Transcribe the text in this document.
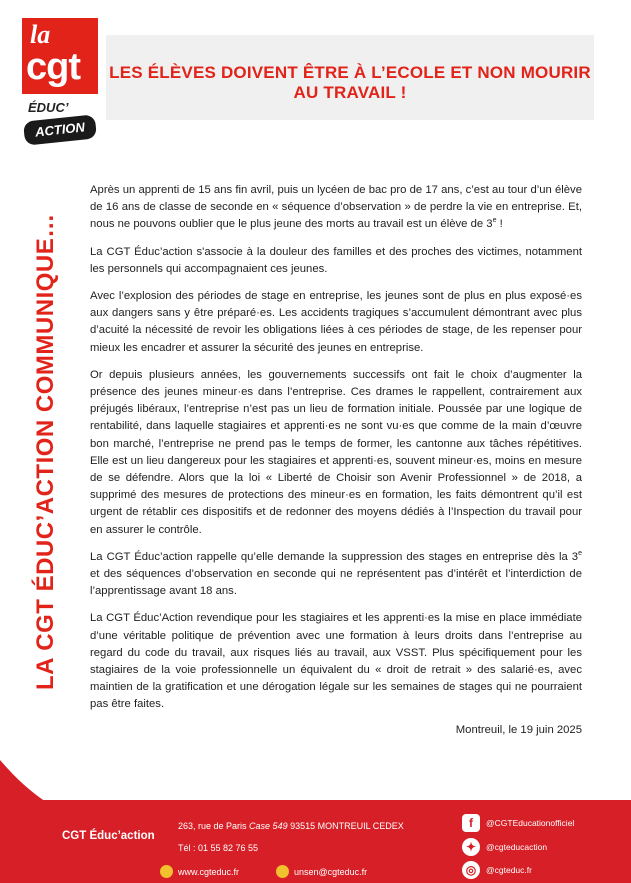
la
cgt
ÉDUC’
ACTION
LES ÉLÈVES DOIVENT ÊTRE À L’ECOLE ET NON MOURIR AU TRAVAIL !
LA CGT ÉDUC’ACTION COMMUNIQUE…

Après un apprenti de 15 ans fin avril, puis un lycéen de bac pro de 17 ans, c’est au tour d’un élève de 16 ans de classe de seconde en « séquence d’observation » de perdre la vie en entreprise. Et, nous ne pouvons oublier que le plus jeune des morts au travail est un élève de 3e !

La CGT Éduc’action s'associe à la douleur des familles et des proches des victimes, notamment les personnels qui accompagnaient ces jeunes.

Avec l’explosion des périodes de stage en entreprise, les jeunes sont de plus en plus exposé·es aux dangers sans y être préparé·es. Les accidents tragiques s’accumulent démontrant avec plus d’acuité la nécessité de revoir les obligations liées à ces périodes de stage, de les repenser pour mieux les encadrer et assurer la sécurité des jeunes en entreprise.

Or depuis plusieurs années, les gouvernements successifs ont fait le choix d’augmenter la présence des jeunes mineur·es dans l’entreprise. Ces drames le rappellent, contrairement aux préjugés libéraux, l’entreprise n’est pas un lieu de formation initiale. Poussée par une logique de rentabilité, dans laquelle stagiaires et apprenti·es ne sont vu·es que comme de la main d’œuvre bon marché, l’entreprise ne prend pas le temps de former, les cantonne aux tâches répétitives. Elle est un lieu dangereux pour les stagiaires et apprenti·es, souvent mineur·es, moins en mesure de se défendre. Alors que la loi « Liberté de Choisir son Avenir Professionnel » de 2018, a supprimé des mesures de protections des mineur·es en formation, les faits démontrent qu’il est urgent de rétablir ces dispositifs et de redonner des moyens dédiés à l’Inspection du travail pour en assurer le contrôle.

La CGT Éduc’action rappelle qu’elle demande la suppression des stages en entreprise dès la 3e et des séquences d’observation en seconde qui ne représentent pas d’intérêt et l’interdiction de l’apprentissage avant 18 ans.

La CGT Éduc’Action revendique pour les stagiaires et les apprenti·es la mise en place immédiate d’une véritable politique de prévention avec une formation à leurs droits dans l’entreprise au regard du code du travail, aux risques liés au travail, aux VSST. Plus spécifiquement pour les stagiaires de la voie professionnelle un équivalent du « droit de retrait » des salarié·es, avec maintien de la gratification et une dérogation légale sur les semaines de stages qui ne pourraient pas être faites.

Montreuil, le 19 juin 2025
CGT Éduc’action
263, rue de Paris Case 549 93515 MONTREUIL CEDEX
Tél : 01 55 82 76 55
www.cgteduc.fr	unsen@cgteduc.fr
f	@CGTEducationofficiel
✦	@cgteducaction
◎	@cgteduc.fr
